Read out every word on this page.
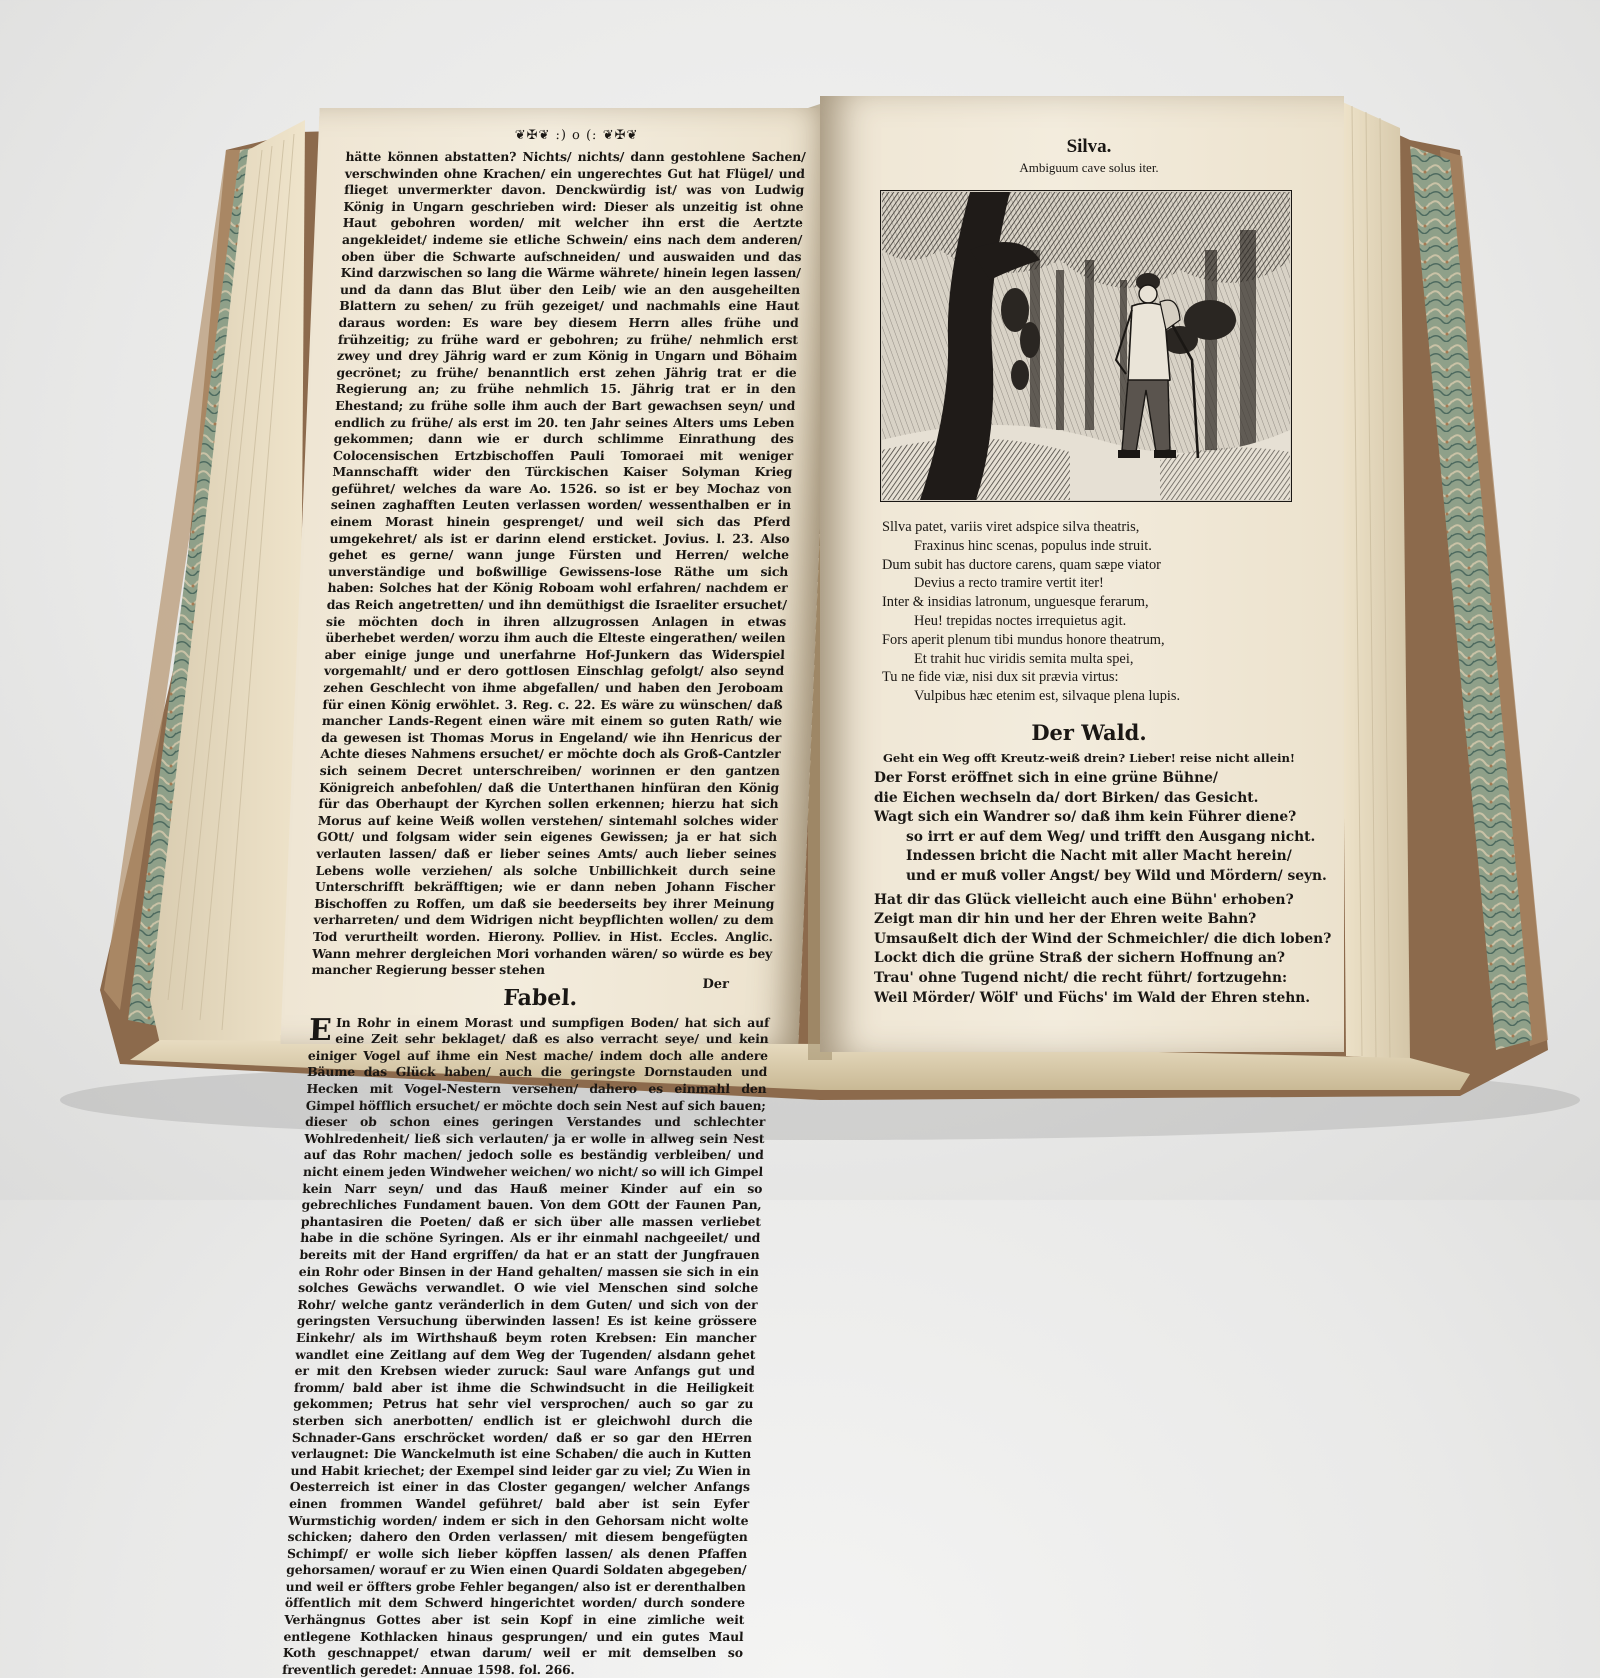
❦✠❦ :) o (: ❦✠❦

hätte können abstatten? Nichts/ nichts/ dann gestohlene Sachen/ verschwinden ohne Krachen/ ein ungerechtes Gut hat Flügel/ und flieget unvermerkter davon. Denckwürdig ist/ was von Ludwig König in Ungarn geschrieben wird: Dieser als unzeitig ist ohne Haut gebohren worden/ mit welcher ihn erst die Aertzte angekleidet/ indeme sie etliche Schwein/ eins nach dem anderen/ oben über die Schwarte aufschneiden/ und auswaiden und das Kind darzwischen so lang die Wärme währete/ hinein legen lassen/ und da dann das Blut über den Leib/ wie an den ausgeheilten Blattern zu sehen/ zu früh gezeiget/ und nachmahls eine Haut daraus worden: Es ware bey diesem Herrn alles frühe und frühzeitig; zu frühe ward er gebohren; zu frühe/ nehmlich erst zwey und drey Jährig ward er zum König in Ungarn und Böhaim gecrönet; zu frühe/ benanntlich erst zehen Jährig trat er die Regierung an; zu frühe nehmlich 15. Jährig trat er in den Ehestand; zu frühe solle ihm auch der Bart gewachsen seyn/ und endlich zu frühe/ als erst im 20. ten Jahr seines Alters ums Leben gekommen; dann wie er durch schlimme Einrathung des Colocensischen Ertzbischoffen Pauli Tomoraei mit weniger Mannschafft wider den Türckischen Kaiser Solyman Krieg geführet/ welches da ware Ao. 1526. so ist er bey Mochaz von seinen zaghafften Leuten verlassen worden/ wessenthalben er in einem Morast hinein gesprenget/ und weil sich das Pferd umgekehret/ als ist er darinn elend ersticket. Jovius. l. 23. Also gehet es gerne/ wann junge Fürsten und Herren/ welche unverständige und boßwillige Gewissens-lose Räthe um sich haben: Solches hat der König Roboam wohl erfahren/ nachdem er das Reich angetretten/ und ihn demüthigst die Israeliter ersuchet/ sie möchten doch in ihren allzugrossen Anlagen in etwas überhebet werden/ worzu ihm auch die Elteste eingerathen/ weilen aber einige junge und unerfahrne Hof-Junkern das Widerspiel vorgemahlt/ und er dero gottlosen Einschlag gefolgt/ also seynd zehen Geschlecht von ihme abgefallen/ und haben den Jeroboam für einen König erwöhlet. 3. Reg. c. 22. Es wäre zu wünschen/ daß mancher Lands-Regent einen wäre mit einem so guten Rath/ wie da gewesen ist Thomas Morus in Engeland/ wie ihn Henricus der Achte dieses Nahmens ersuchet/ er möchte doch als Groß-Cantzler sich seinem Decret unterschreiben/ worinnen er den gantzen Königreich anbefohlen/ daß die Unterthanen hinfüran den König für das Oberhaupt der Kyrchen sollen erkennen; hierzu hat sich Morus auf keine Weiß wollen verstehen/ sintemahl solches wider GOtt/ und folgsam wider sein eigenes Gewissen; ja er hat sich verlauten lassen/ daß er lieber seines Amts/ auch lieber seines Lebens wolle verziehen/ als solche Unbillichkeit durch seine Unterschrifft bekräfftigen; wie er dann neben Johann Fischer Bischoffen zu Roffen, um daß sie beederseits bey ihrer Meinung verharreten/ und dem Widrigen nicht beypflichten wollen/ zu dem Tod verurtheilt worden. Hierony. Polliev. in Hist. Eccles. Anglic. Wann mehrer dergleichen Mori vorhanden wären/ so würde es bey mancher Regierung besser stehen

Fabel.

E In Rohr in einem Morast und sumpfigen Boden/ hat sich auf eine Zeit sehr beklaget/ daß es also verracht seye/ und kein einiger Vogel auf ihme ein Nest mache/ indem doch alle andere Bäume das Glück haben/ auch die geringste Dornstauden und Hecken mit Vogel-Nestern versehen/ dahero es einmahl den Gimpel höfflich ersuchet/ er möchte doch sein Nest auf sich bauen; dieser ob schon eines geringen Verstandes und schlechter Wohlredenheit/ ließ sich verlauten/ ja er wolle in allweg sein Nest auf das Rohr machen/ jedoch solle es beständig verbleiben/ und nicht einem jeden Windweher weichen/ wo nicht/ so will ich Gimpel kein Narr seyn/ und das Hauß meiner Kinder auf ein so gebrechliches Fundament bauen. Von dem GOtt der Faunen Pan, phantasiren die Poeten/ daß er sich über alle massen verliebet habe in die schöne Syringen. Als er ihr einmahl nachgeeilet/ und bereits mit der Hand ergriffen/ da hat er an statt der Jungfrauen ein Rohr oder Binsen in der Hand gehalten/ massen sie sich in ein solches Gewächs verwandlet. O wie viel Menschen sind solche Rohr/ welche gantz veränderlich in dem Guten/ und sich von der geringsten Versuchung überwinden lassen! Es ist keine grössere Einkehr/ als im Wirthshauß beym roten Krebsen: Ein mancher wandlet eine Zeitlang auf dem Weg der Tugenden/ alsdann gehet er mit den Krebsen wieder zuruck: Saul ware Anfangs gut und fromm/ bald aber ist ihme die Schwindsucht in die Heiligkeit gekommen; Petrus hat sehr viel versprochen/ auch so gar zu sterben sich anerbotten/ endlich ist er gleichwohl durch die Schnader-Gans erschröcket worden/ daß er so gar den HErren verlaugnet: Die Wanckelmuth ist eine Schaben/ die auch in Kutten und Habit kriechet; der Exempel sind leider gar zu viel; Zu Wien in Oesterreich ist einer in das Closter gegangen/ welcher Anfangs einen frommen Wandel geführet/ bald aber ist sein Eyfer Wurmstichig worden/ indem er sich in den Gehorsam nicht wolte schicken; dahero den Orden verlassen/ mit diesem bengefügten Schimpf/ er wolle sich lieber köpffen lassen/ als denen Pfaffen gehorsamen/ worauf er zu Wien einen Quardi Soldaten abgegeben/ und weil er öffters grobe Fehler begangen/ also ist er derenthalben öffentlich mit dem Schwerd hingerichtet worden/ durch sondere Verhängnus Gottes aber ist sein Kopf in eine zimliche weit entlegene Kothlacken hinaus gesprungen/ und ein gutes Maul Koth geschnappet/ etwan darum/ weil er mit demselben so freventlich geredet: Annuae 1598. fol. 266.

Der
Silva.
Ambiguum cave solus iter.
Sllva patet, variis viret adspice silva theatris,
Fraxinus hinc scenas, populus inde struit.
Dum subit has ductore carens, quam sæpe viator
Devius a recto tramire vertit iter!
Inter & insidias latronum, unguesque ferarum,
Heu! trepidas noctes irrequietus agit.
Fors aperit plenum tibi mundus honore theatrum,
Et trahit huc viridis semita multa spei,
Tu ne fide viæ, nisi dux sit prævia virtus:
Vulpibus hæc etenim est, silvaque plena lupis.
Der Wald.
Geht ein Weg offt Kreutz-weiß drein? Lieber! reise nicht allein!
Der Forst eröffnet sich in eine grüne Bühne/
die Eichen wechseln da/ dort Birken/ das Gesicht.
Wagt sich ein Wandrer so/ daß ihm kein Führer diene?
so irrt er auf dem Weg/ und trifft den Ausgang nicht.
Indessen bricht die Nacht mit aller Macht herein/
und er muß voller Angst/ bey Wild und Mördern/ seyn.
Hat dir das Glück vielleicht auch eine Bühn' erhoben?
Zeigt man dir hin und her der Ehren weite Bahn?
Umsaußelt dich der Wind der Schmeichler/ die dich loben?
Lockt dich die grüne Straß der sichern Hoffnung an?
Trau' ohne Tugend nicht/ die recht führt/ fortzugehn:
Weil Mörder/ Wölf' und Füchs' im Wald der Ehren stehn.
